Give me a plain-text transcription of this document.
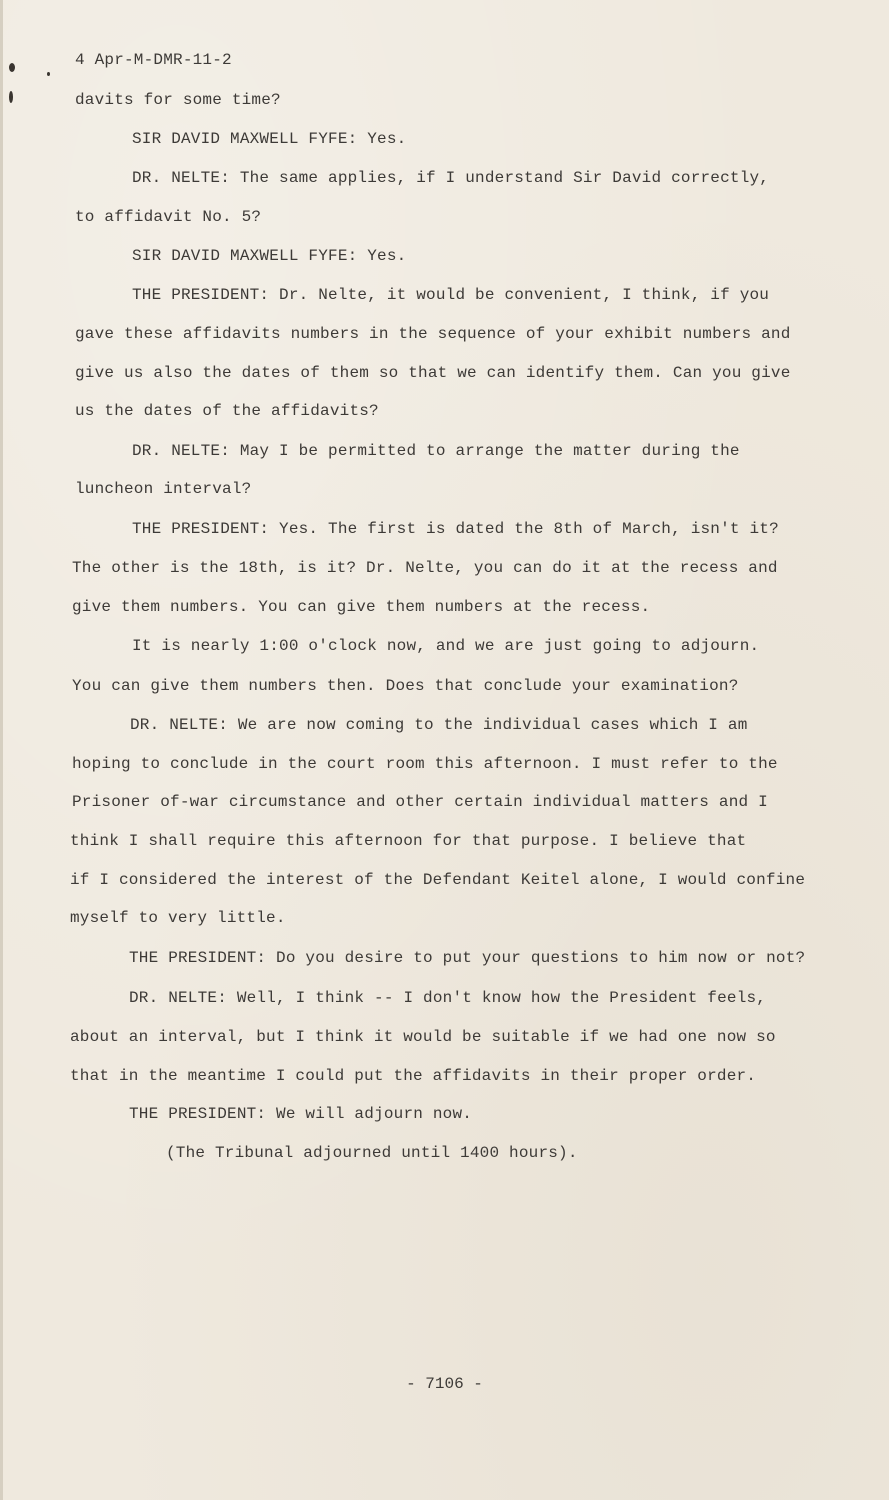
4 Apr-M-DMR-11-2
davits for some time?
SIR DAVID MAXWELL FYFE: Yes.
DR. NELTE: The same applies, if I understand Sir David correctly,
to affidavit No. 5?
SIR DAVID MAXWELL FYFE: Yes.
THE PRESIDENT: Dr. Nelte, it would be convenient, I think, if you
gave these affidavits numbers in the sequence of your exhibit numbers and
give us also the dates of them so that we can identify them. Can you give
us the dates of the affidavits?
DR. NELTE: May I be permitted to arrange the matter during the
luncheon interval?
THE PRESIDENT: Yes. The first is dated the 8th of March, isn't it?
The other is the 18th, is it? Dr. Nelte, you can do it at the recess and
give them numbers. You can give them numbers at the recess.
It is nearly 1:00 o'clock now, and we are just going to adjourn.
You can give them numbers then. Does that conclude your examination?
DR. NELTE: We are now coming to the individual cases which I am
hoping to conclude in the court room this afternoon. I must refer to the
Prisoner of-war circumstance and other certain individual matters and I
think I shall require this afternoon for that purpose. I believe that
if I considered the interest of the Defendant Keitel alone, I would confine
myself to very little.
THE PRESIDENT: Do you desire to put your questions to him now or not?
DR. NELTE: Well, I think -- I don't know how the President feels,
about an interval, but I think it would be suitable if we had one now so
that in the meantime I could put the affidavits in their proper order.
THE PRESIDENT: We will adjourn now.
(The Tribunal adjourned until 1400 hours).
- 7106 -
